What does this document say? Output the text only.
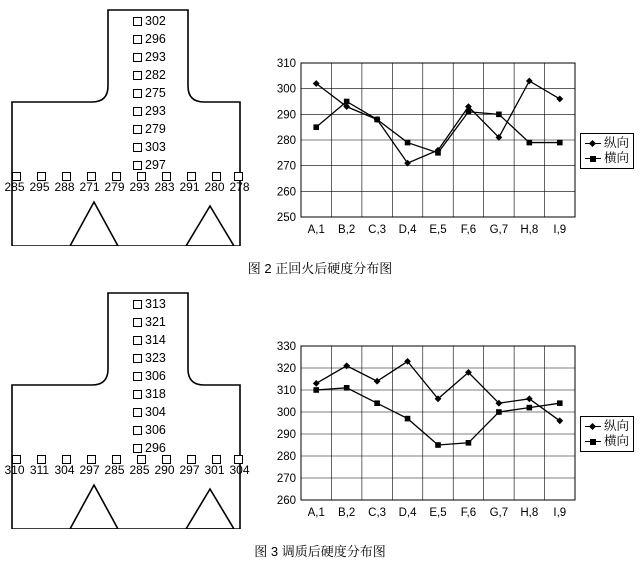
302
296
293
282
275
293
279
303
297
285 295 288 271 279 293 283 291 280 278
250
260
270
280
290
300
310
A,1 B,2 C,3 D,4 E,5 F,6 G,7 H,8 I,9
纵向
横向
图 2 正回火后硬度分布图
313
321
314
323
306
318
304
306
296
310 311 304 297 285 285 290 297 301 304
260
270
280
290
300
310
320
330
A,1 B,2 C,3 D,4 E,5 F,6 G,7 H,8 I,9
纵向
横向
图 3 调质后硬度分布图
